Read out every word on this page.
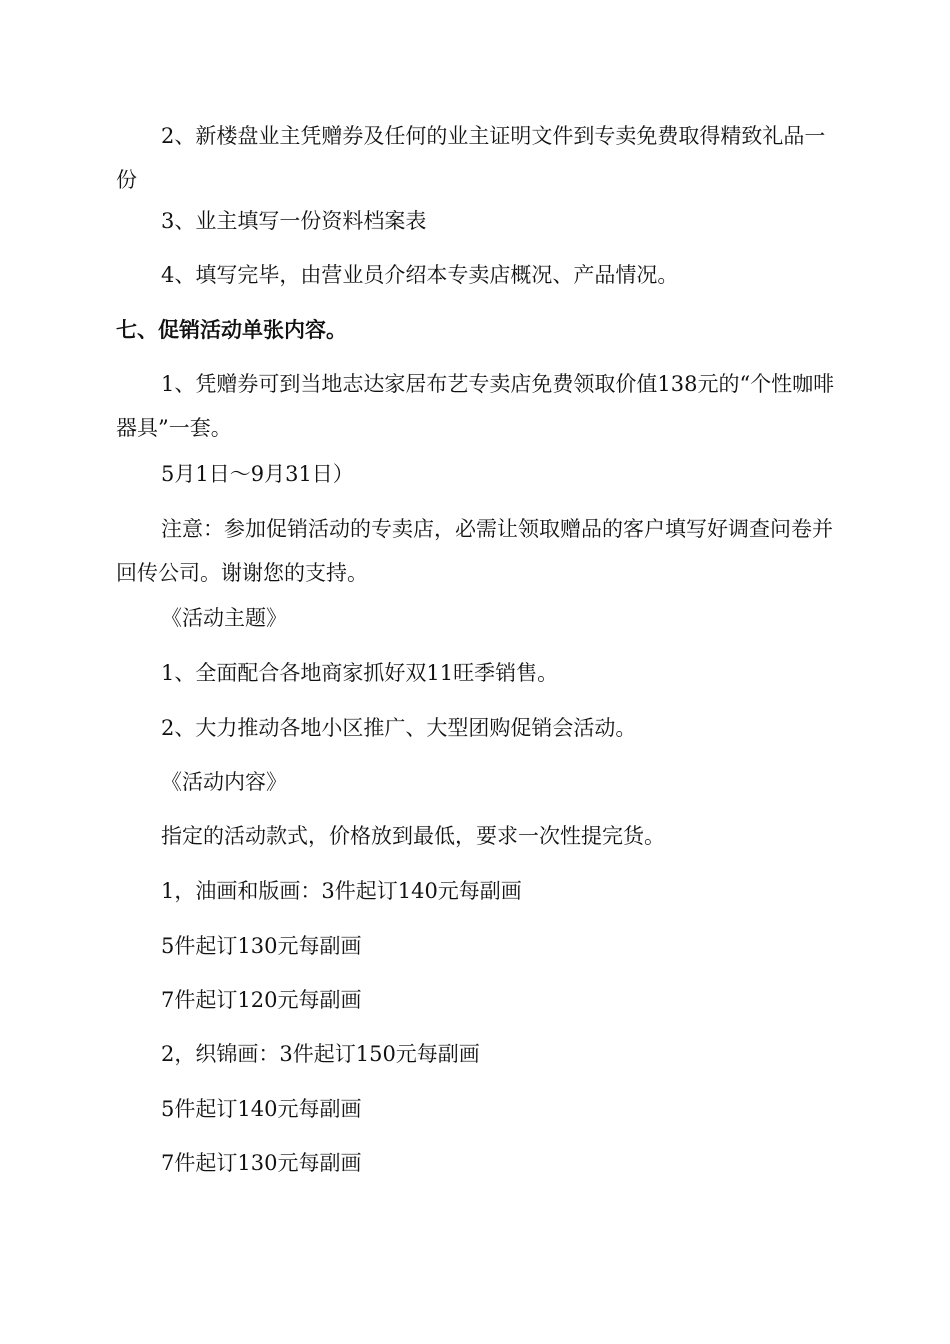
2、新楼盘业主凭赠券及任何的业主证明文件到专卖免费取得精致礼品一份

3、业主填写一份资料档案表

4、填写完毕，由营业员介绍本专卖店概况、产品情况。

七、促销活动单张内容。

1、凭赠券可到当地志达家居布艺专卖店免费领取价值138元的“个性咖啡器具”一套。

5月1日～9月31日）

注意：参加促销活动的专卖店，必需让领取赠品的客户填写好调查问卷并回传公司。谢谢您的支持。

《活动主题》

1、全面配合各地商家抓好双11旺季销售。

2、大力推动各地小区推广、大型团购促销会活动。

《活动内容》

指定的活动款式，价格放到最低，要求一次性提完货。

1，油画和版画：3件起订140元每副画

5件起订130元每副画

7件起订120元每副画

2，织锦画：3件起订150元每副画

5件起订140元每副画

7件起订130元每副画
